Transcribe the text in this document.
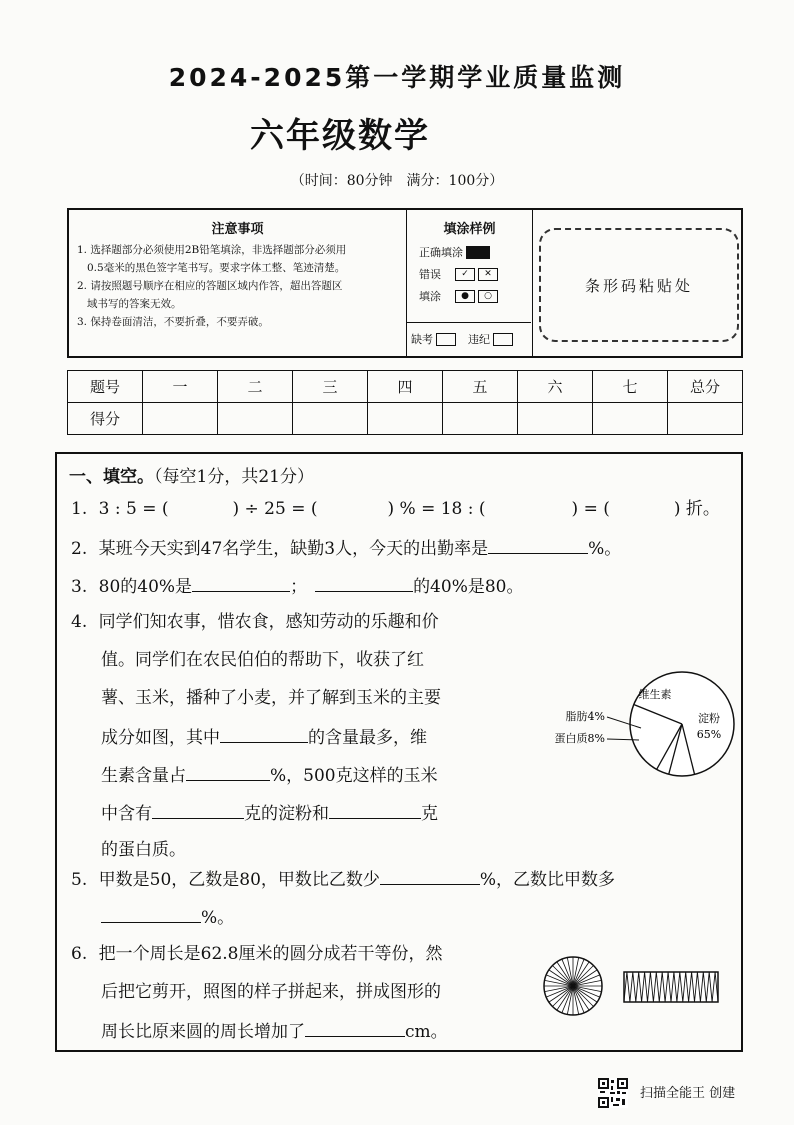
2024-2025第一学期学业质量监测
六年级数学
（时间：80分钟　满分：100分）
注意事项
1. 选择题部分必须使用2B铅笔填涂，非选择题部分必须用
0.5毫米的黑色签字笔书写。要求字体工整、笔迹清楚。
2. 请按照题号顺序在相应的答题区域内作答，超出答题区
域书写的答案无效。
3. 保持卷面清洁，不要折叠，不要弄破。
填涂样例
正确填涂
错误	✓	✕
填涂	●	○
缺考	违纪
条形码粘贴处
题号	一	二	三	四	五	六	七	总分
得分								
一、填空。（每空1分，共21分）
1. 3 : 5 = (	) ÷ 25 = (	) % = 18 : (	) = (	) 折。
2. 某班今天实到47名学生，缺勤3人，今天的出勤率是	%。
3. 80的40%是	；	的40%是80。
4. 同学们知农事，惜农食，感知劳动的乐趣和价
值。同学们在农民伯伯的帮助下，收获了红
薯、玉米，播种了小麦，并了解到玉米的主要
成分如图，其中	的含量最多，维
生素含量占	%，500克这样的玉米
中含有	克的淀粉和	克
的蛋白质。
淀粉
65%
维生素
脂肪4%
蛋白质8%
5. 甲数是50，乙数是80，甲数比乙数少	%，乙数比甲数多
%。
6. 把一个周长是62.8厘米的圆分成若干等份，然
后把它剪开，照图的样子拼起来，拼成图形的
周长比原来圆的周长增加了	cm。
扫描全能王 创建
